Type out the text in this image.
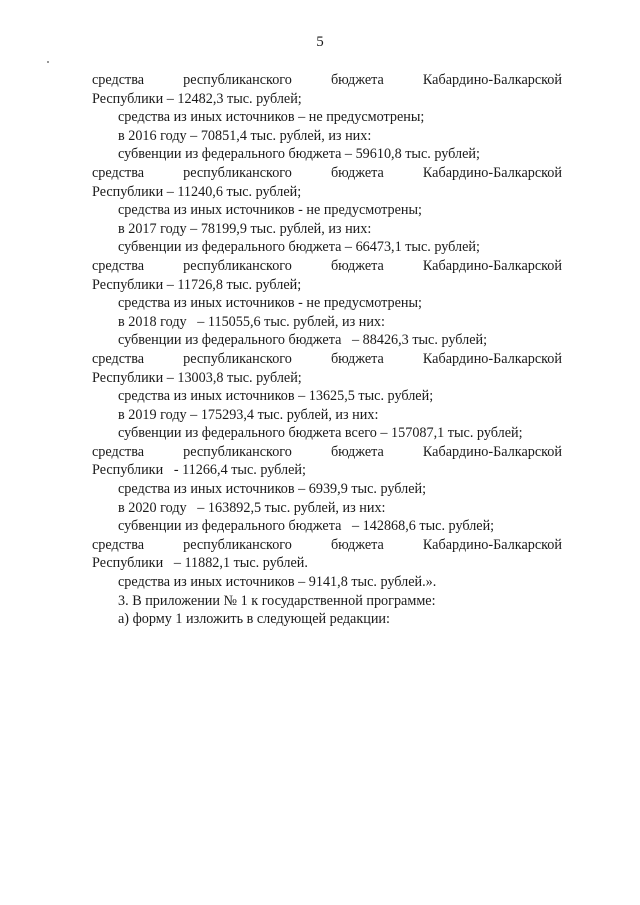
5
средства	республиканского	бюджета	Кабардино-Балкарской
Республики – 12482,3 тыс. рублей;
средства из иных источников – не предусмотрены;
в 2016 году – 70851,4 тыс. рублей, из них:
субвенции из федерального бюджета – 59610,8 тыс. рублей;
средства	республиканского	бюджета	Кабардино-Балкарской
Республики – 11240,6 тыс. рублей;
средства из иных источников - не предусмотрены;
в 2017 году – 78199,9 тыс. рублей, из них:
субвенции из федерального бюджета – 66473,1 тыс. рублей;
средства	республиканского	бюджета	Кабардино-Балкарской
Республики – 11726,8 тыс. рублей;
средства из иных источников - не предусмотрены;
в 2018 году   – 115055,6 тыс. рублей, из них:
субвенции из федерального бюджета   – 88426,3 тыс. рублей;
средства	республиканского	бюджета	Кабардино-Балкарской
Республики – 13003,8 тыс. рублей;
средства из иных источников – 13625,5 тыс. рублей;
в 2019 году – 175293,4 тыс. рублей, из них:
субвенции из федерального бюджета всего – 157087,1 тыс. рублей;
средства	республиканского	бюджета	Кабардино-Балкарской
Республики   - 11266,4 тыс. рублей;
средства из иных источников – 6939,9 тыс. рублей;
в 2020 году   – 163892,5 тыс. рублей, из них:
субвенции из федерального бюджета   – 142868,6 тыс. рублей;
средства	республиканского	бюджета	Кабардино-Балкарской
Республики   – 11882,1 тыс. рублей.
средства из иных источников – 9141,8 тыс. рублей.».
3. В приложении № 1 к государственной программе:
а) форму 1 изложить в следующей редакции:
